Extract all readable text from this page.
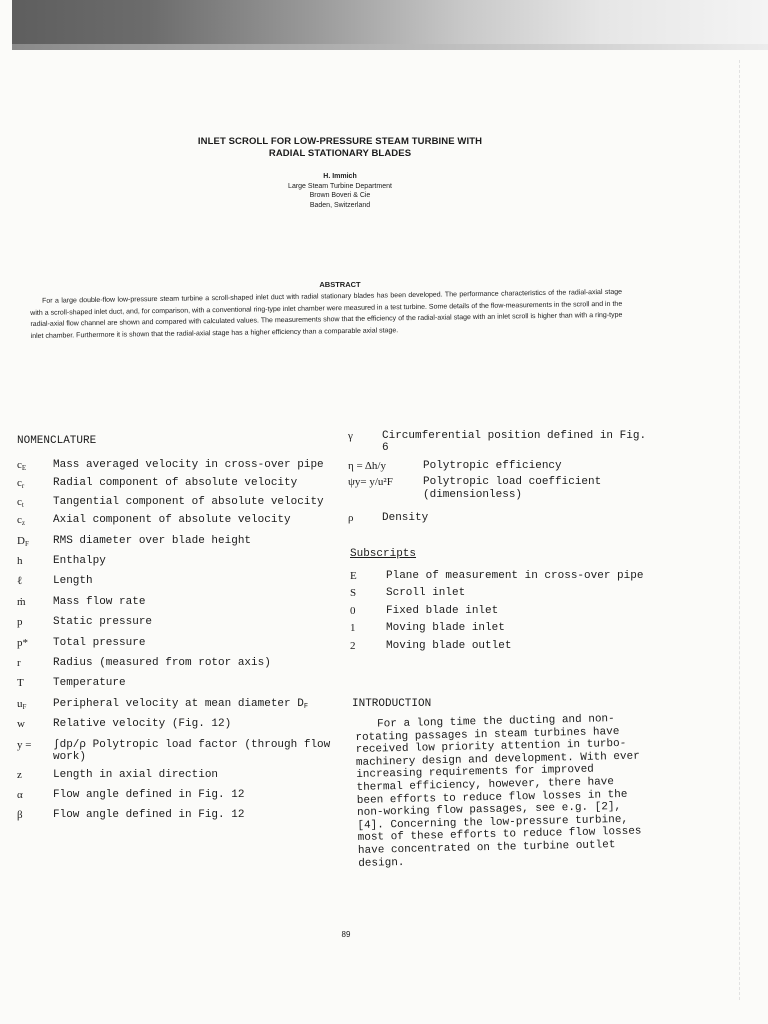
INLET SCROLL FOR LOW-PRESSURE STEAM TURBINE WITH
RADIAL STATIONARY BLADES
H. Immich
Large Steam Turbine Department
Brown Boveri & Cie
Baden, Switzerland
ABSTRACT
For a large double-flow low-pressure steam turbine a scroll-shaped inlet duct with radial stationary blades has been developed. The performance characteristics of the radial-axial stage with a scroll-shaped inlet duct, and, for comparison, with a conventional ring-type inlet chamber were measured in a test turbine. Some details of the flow-measurements in the scroll and in the radial-axial flow channel are shown and compared with calculated values. The measurements show that the efficiency of the radial-axial stage with an inlet scroll is higher than with a ring-type inlet chamber. Furthermore it is shown that the radial-axial stage has a higher efficiency than a comparable axial stage.
NOMENCLATURE
$c_E$	Mass averaged velocity in cross-over pipe
$c_r$	Radial component of absolute velocity
$c_t$	Tangential component of absolute velocity
$c_z$	Axial component of absolute velocity
$D_F$	RMS diameter over blade height
h	Enthalpy
ℓ	Length
ṁ	Mass flow rate
p	Static pressure
p*	Total pressure
r	Radius (measured from rotor axis)
T	Temperature
$u_F$	Peripheral velocity at mean diameter $D_F$
w	Relative velocity (Fig. 12)
y =	∫dp/ρ Polytropic load factor (through flow work)
z	Length in axial direction
α	Flow angle defined in Fig. 12
β	Flow angle defined in Fig. 12
γ	Circumferential position defined in Fig. 6
η = Δh/y	Polytropic efficiency
ψy= y/u²F	Polytropic load coefficient (dimensionless)
ρ	Density
Subscripts
E	Plane of measurement in cross-over pipe
S	Scroll inlet
0	Fixed blade inlet
1	Moving blade inlet
2	Moving blade outlet
INTRODUCTION
For a long time the ducting and non-rotating passages in steam turbines have received low priority attention in turbo-machinery design and development. With ever increasing requirements for improved thermal efficiency, however, there have been efforts to reduce flow losses in the non-working flow passages, see e.g. [2],[4]. Concerning the low-pressure turbine, most of these efforts to reduce flow losses have concentrated on the turbine outlet design.
89
